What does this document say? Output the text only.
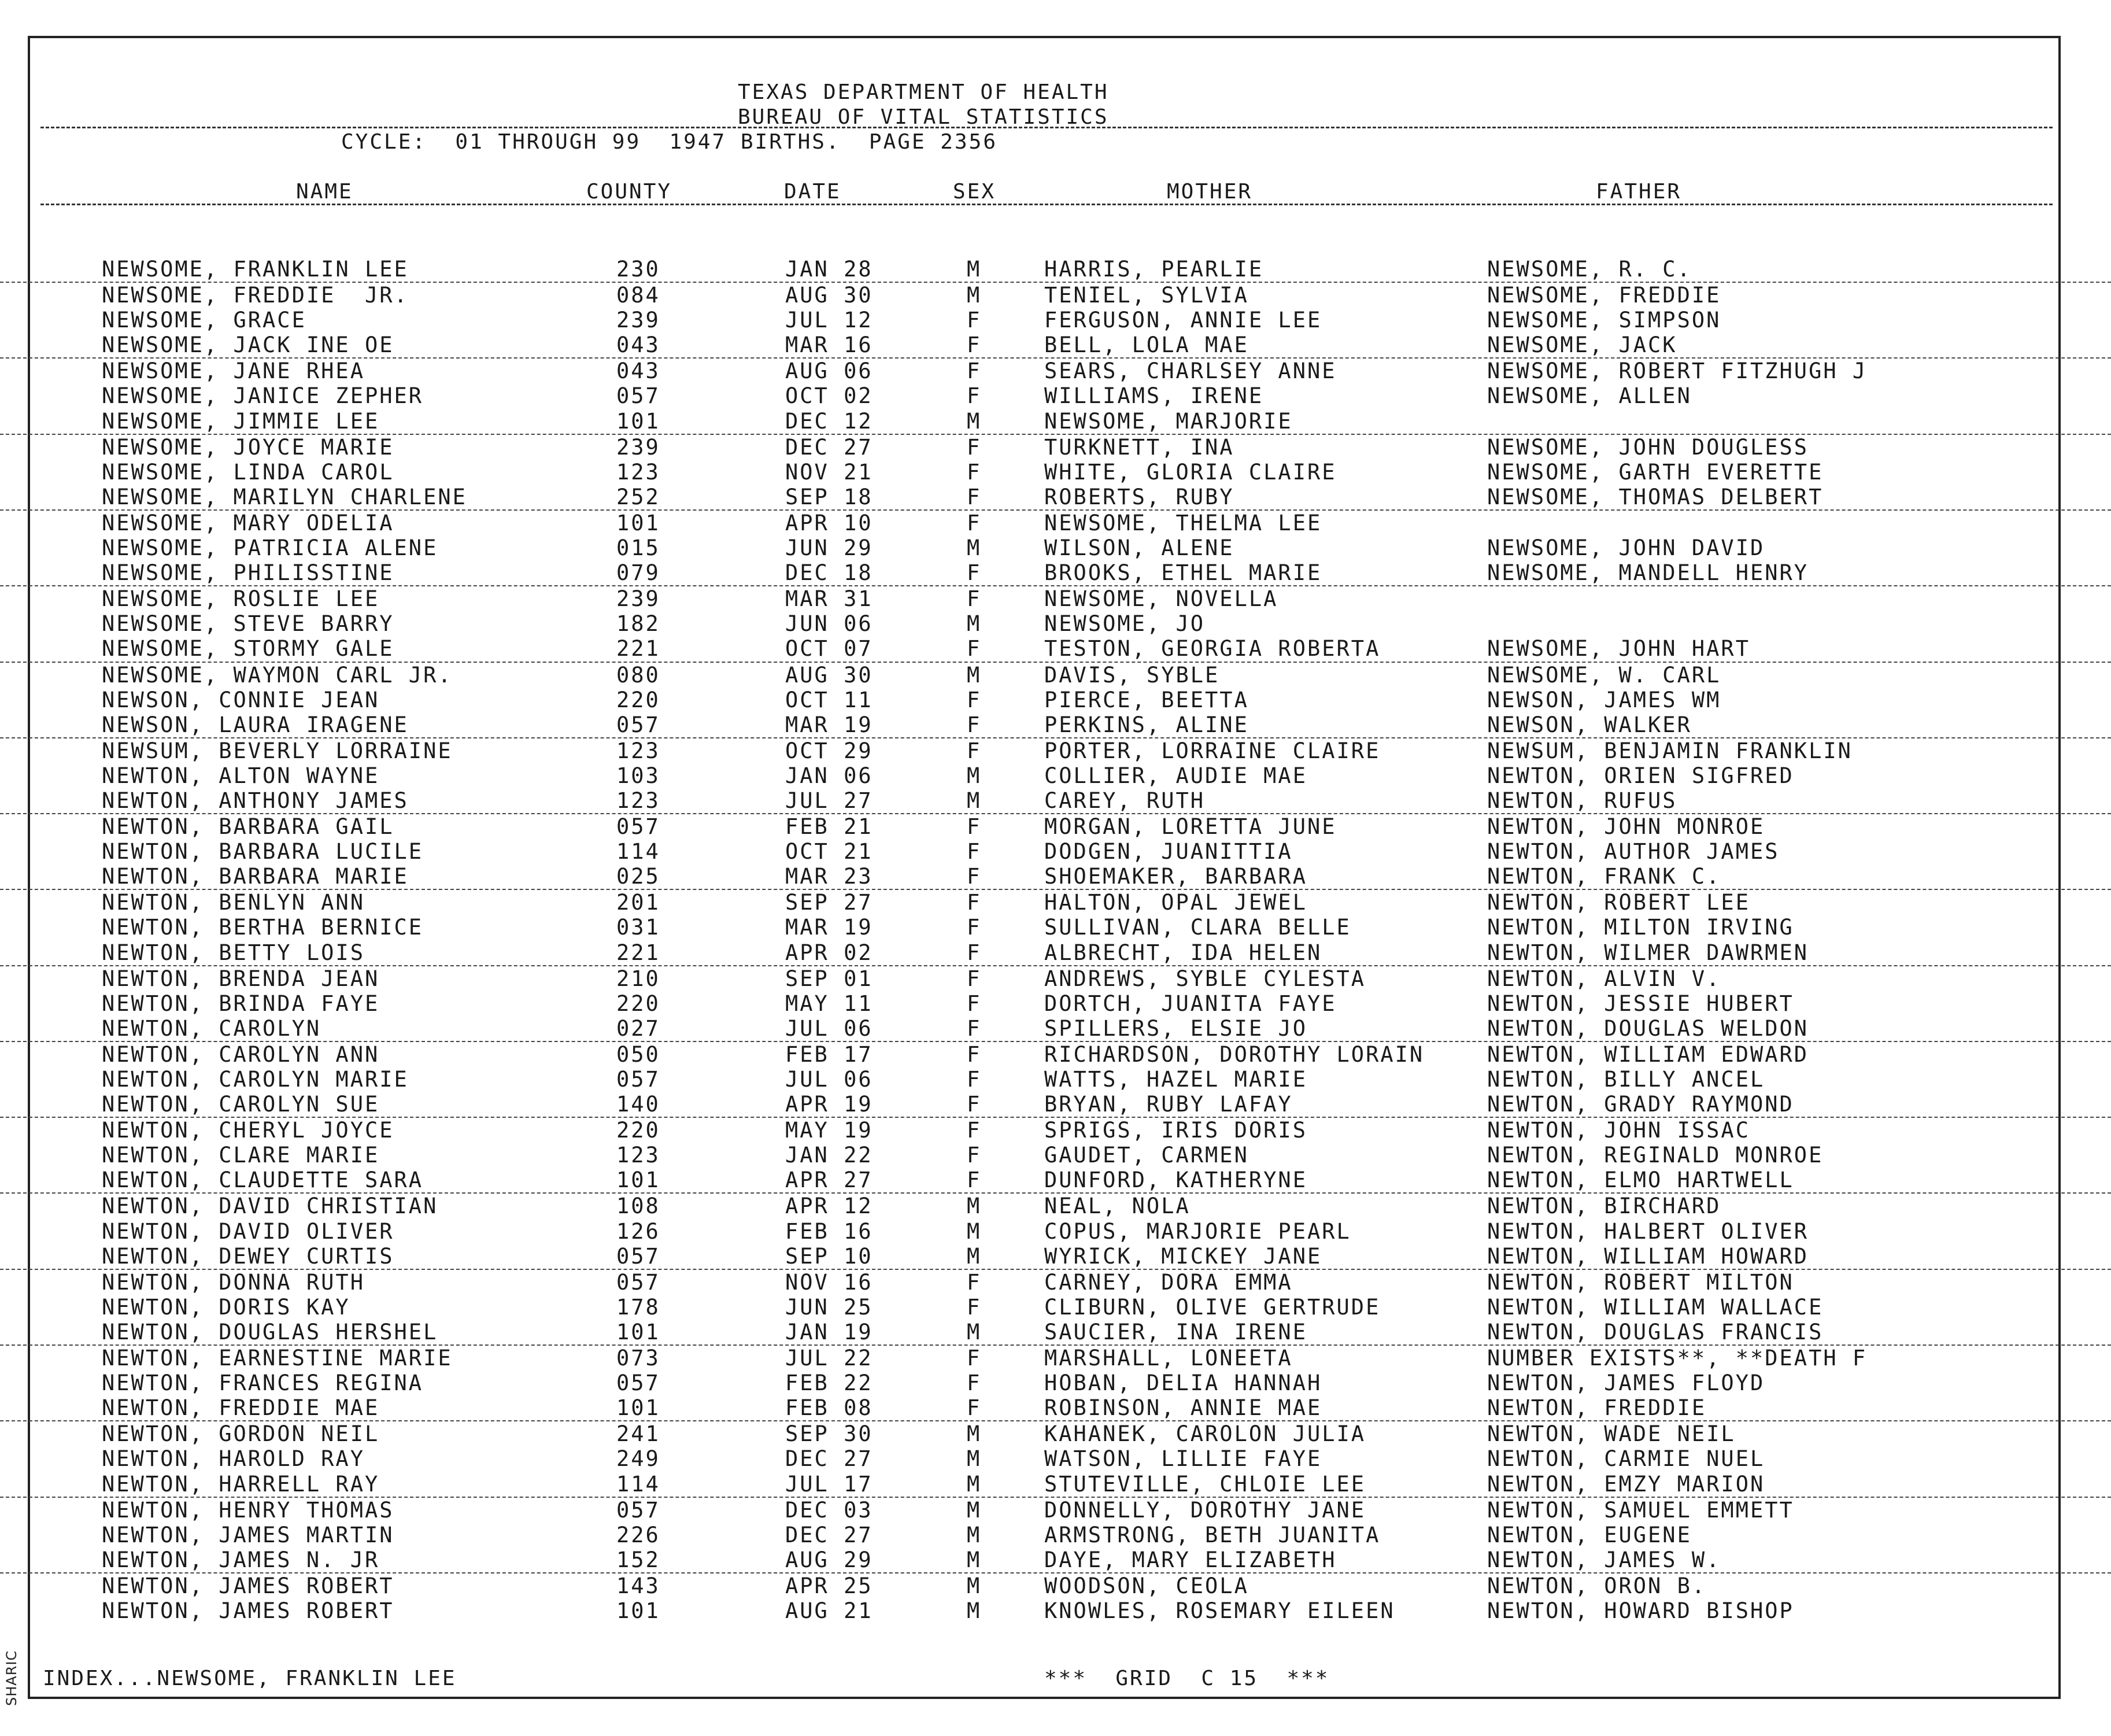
SHARIC
TEXAS DEPARTMENT OF HEALTH
BUREAU OF VITAL STATISTICS
CYCLE:  01 THROUGH 99  1947 BIRTHS.  PAGE 2356
NAME	COUNTY	DATE	SEX	MOTHER	FATHER
NEWSOME, FRANKLIN LEE	230	JAN 28	M	HARRIS, PEARLIE	NEWSOME, R. C.
NEWSOME, FREDDIE  JR.	084	AUG 30	M	TENIEL, SYLVIA	NEWSOME, FREDDIE
NEWSOME, GRACE	239	JUL 12	F	FERGUSON, ANNIE LEE	NEWSOME, SIMPSON
NEWSOME, JACK INE OE	043	MAR 16	F	BELL, LOLA MAE	NEWSOME, JACK
NEWSOME, JANE RHEA	043	AUG 06	F	SEARS, CHARLSEY ANNE	NEWSOME, ROBERT FITZHUGH J
NEWSOME, JANICE ZEPHER	057	OCT 02	F	WILLIAMS, IRENE	NEWSOME, ALLEN
NEWSOME, JIMMIE LEE	101	DEC 12	M	NEWSOME, MARJORIE
NEWSOME, JOYCE MARIE	239	DEC 27	F	TURKNETT, INA	NEWSOME, JOHN DOUGLESS
NEWSOME, LINDA CAROL	123	NOV 21	F	WHITE, GLORIA CLAIRE	NEWSOME, GARTH EVERETTE
NEWSOME, MARILYN CHARLENE	252	SEP 18	F	ROBERTS, RUBY	NEWSOME, THOMAS DELBERT
NEWSOME, MARY ODELIA	101	APR 10	F	NEWSOME, THELMA LEE
NEWSOME, PATRICIA ALENE	015	JUN 29	M	WILSON, ALENE	NEWSOME, JOHN DAVID
NEWSOME, PHILISSTINE	079	DEC 18	F	BROOKS, ETHEL MARIE	NEWSOME, MANDELL HENRY
NEWSOME, ROSLIE LEE	239	MAR 31	F	NEWSOME, NOVELLA
NEWSOME, STEVE BARRY	182	JUN 06	M	NEWSOME, JO
NEWSOME, STORMY GALE	221	OCT 07	F	TESTON, GEORGIA ROBERTA	NEWSOME, JOHN HART
NEWSOME, WAYMON CARL JR.	080	AUG 30	M	DAVIS, SYBLE	NEWSOME, W. CARL
NEWSON, CONNIE JEAN	220	OCT 11	F	PIERCE, BEETTA	NEWSON, JAMES WM
NEWSON, LAURA IRAGENE	057	MAR 19	F	PERKINS, ALINE	NEWSON, WALKER
NEWSUM, BEVERLY LORRAINE	123	OCT 29	F	PORTER, LORRAINE CLAIRE	NEWSUM, BENJAMIN FRANKLIN
NEWTON, ALTON WAYNE	103	JAN 06	M	COLLIER, AUDIE MAE	NEWTON, ORIEN SIGFRED
NEWTON, ANTHONY JAMES	123	JUL 27	M	CAREY, RUTH	NEWTON, RUFUS
NEWTON, BARBARA GAIL	057	FEB 21	F	MORGAN, LORETTA JUNE	NEWTON, JOHN MONROE
NEWTON, BARBARA LUCILE	114	OCT 21	F	DODGEN, JUANITTIA	NEWTON, AUTHOR JAMES
NEWTON, BARBARA MARIE	025	MAR 23	F	SHOEMAKER, BARBARA	NEWTON, FRANK C.
NEWTON, BENLYN ANN	201	SEP 27	F	HALTON, OPAL JEWEL	NEWTON, ROBERT LEE
NEWTON, BERTHA BERNICE	031	MAR 19	F	SULLIVAN, CLARA BELLE	NEWTON, MILTON IRVING
NEWTON, BETTY LOIS	221	APR 02	F	ALBRECHT, IDA HELEN	NEWTON, WILMER DAWRMEN
NEWTON, BRENDA JEAN	210	SEP 01	F	ANDREWS, SYBLE CYLESTA	NEWTON, ALVIN V.
NEWTON, BRINDA FAYE	220	MAY 11	F	DORTCH, JUANITA FAYE	NEWTON, JESSIE HUBERT
NEWTON, CAROLYN	027	JUL 06	F	SPILLERS, ELSIE JO	NEWTON, DOUGLAS WELDON
NEWTON, CAROLYN ANN	050	FEB 17	F	RICHARDSON, DOROTHY LORAIN	NEWTON, WILLIAM EDWARD
NEWTON, CAROLYN MARIE	057	JUL 06	F	WATTS, HAZEL MARIE	NEWTON, BILLY ANCEL
NEWTON, CAROLYN SUE	140	APR 19	F	BRYAN, RUBY LAFAY	NEWTON, GRADY RAYMOND
NEWTON, CHERYL JOYCE	220	MAY 19	F	SPRIGS, IRIS DORIS	NEWTON, JOHN ISSAC
NEWTON, CLARE MARIE	123	JAN 22	F	GAUDET, CARMEN	NEWTON, REGINALD MONROE
NEWTON, CLAUDETTE SARA	101	APR 27	F	DUNFORD, KATHERYNE	NEWTON, ELMO HARTWELL
NEWTON, DAVID CHRISTIAN	108	APR 12	M	NEAL, NOLA	NEWTON, BIRCHARD
NEWTON, DAVID OLIVER	126	FEB 16	M	COPUS, MARJORIE PEARL	NEWTON, HALBERT OLIVER
NEWTON, DEWEY CURTIS	057	SEP 10	M	WYRICK, MICKEY JANE	NEWTON, WILLIAM HOWARD
NEWTON, DONNA RUTH	057	NOV 16	F	CARNEY, DORA EMMA	NEWTON, ROBERT MILTON
NEWTON, DORIS KAY	178	JUN 25	F	CLIBURN, OLIVE GERTRUDE	NEWTON, WILLIAM WALLACE
NEWTON, DOUGLAS HERSHEL	101	JAN 19	M	SAUCIER, INA IRENE	NEWTON, DOUGLAS FRANCIS
NEWTON, EARNESTINE MARIE	073	JUL 22	F	MARSHALL, LONEETA	NUMBER EXISTS**, **DEATH F
NEWTON, FRANCES REGINA	057	FEB 22	F	HOBAN, DELIA HANNAH	NEWTON, JAMES FLOYD
NEWTON, FREDDIE MAE	101	FEB 08	F	ROBINSON, ANNIE MAE	NEWTON, FREDDIE
NEWTON, GORDON NEIL	241	SEP 30	M	KAHANEK, CAROLON JULIA	NEWTON, WADE NEIL
NEWTON, HAROLD RAY	249	DEC 27	M	WATSON, LILLIE FAYE	NEWTON, CARMIE NUEL
NEWTON, HARRELL RAY	114	JUL 17	M	STUTEVILLE, CHLOIE LEE	NEWTON, EMZY MARION
NEWTON, HENRY THOMAS	057	DEC 03	M	DONNELLY, DOROTHY JANE	NEWTON, SAMUEL EMMETT
NEWTON, JAMES MARTIN	226	DEC 27	M	ARMSTRONG, BETH JUANITA	NEWTON, EUGENE
NEWTON, JAMES N. JR	152	AUG 29	M	DAYE, MARY ELIZABETH	NEWTON, JAMES W.
NEWTON, JAMES ROBERT	143	APR 25	M	WOODSON, CEOLA	NEWTON, ORON B.
NEWTON, JAMES ROBERT	101	AUG 21	M	KNOWLES, ROSEMARY EILEEN	NEWTON, HOWARD BISHOP
INDEX...NEWSOME, FRANKLIN LEE	***  GRID  C 15  ***
